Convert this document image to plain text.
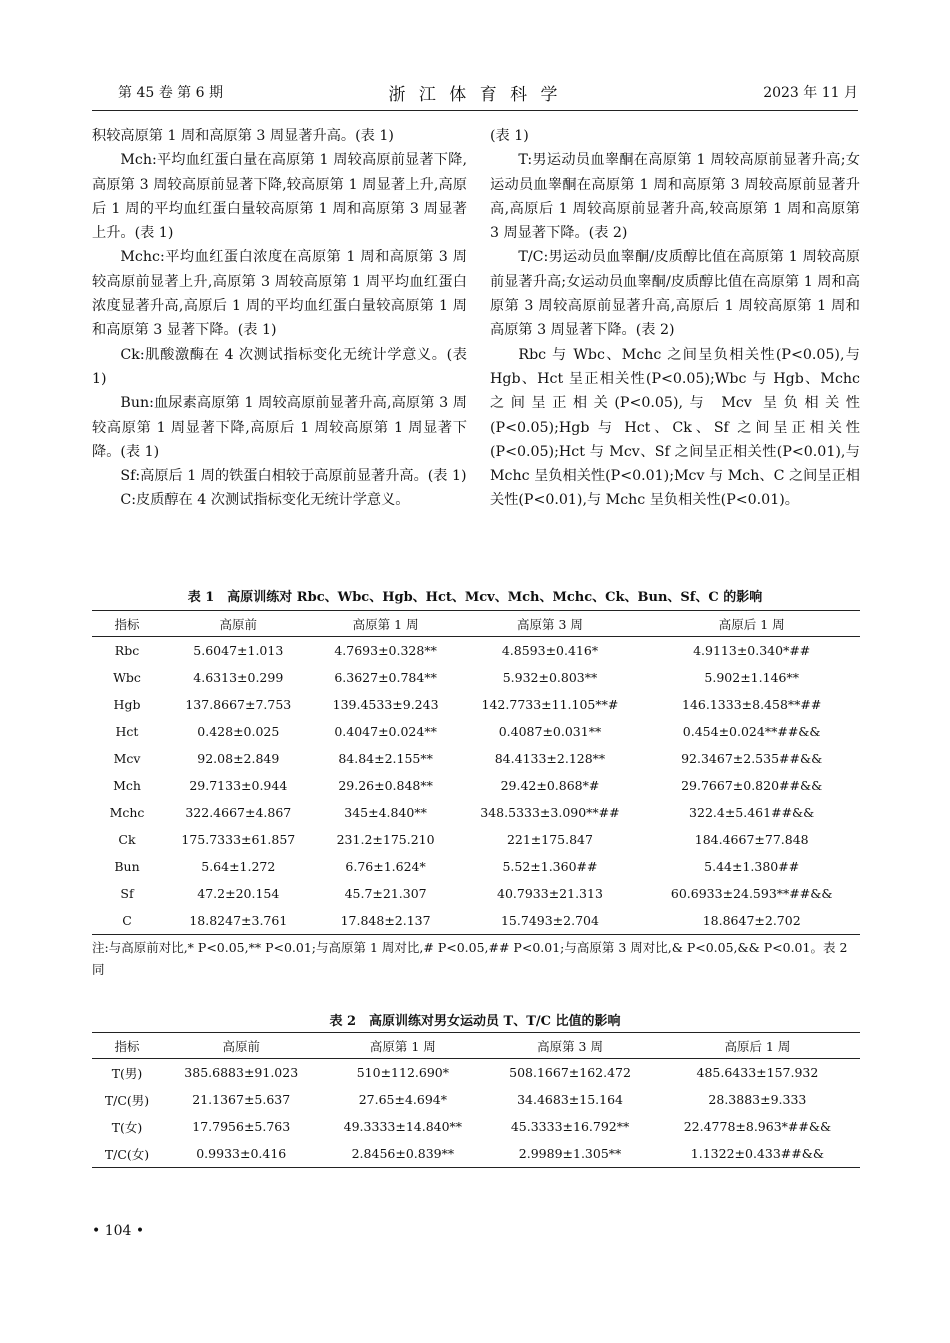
第 45 卷 第 6 期	浙 江 体 育 科 学	2023 年 11 月

积较高原第 1 周和高原第 3 周显著升高。(表 1)

Mch:平均血红蛋白量在高原第 1 周较高原前显著下降,高原第 3 周较高原前显著下降,较高原第 1 周显著上升,高原后 1 周的平均血红蛋白量较高原第 1 周和高原第 3 周显著上升。(表 1)

Mchc:平均血红蛋白浓度在高原第 1 周和高原第 3 周较高原前显著上升,高原第 3 周较高原第 1 周平均血红蛋白浓度显著升高,高原后 1 周的平均血红蛋白量较高原第 1 周和高原第 3 显著下降。(表 1)

Ck:肌酸激酶在 4 次测试指标变化无统计学意义。(表 1)

Bun:血尿素高原第 1 周较高原前显著升高,高原第 3 周较高原第 1 周显著下降,高原后 1 周较高原第 1 周显著下降。(表 1)

Sf:高原后 1 周的铁蛋白相较于高原前显著升高。(表 1)

C:皮质醇在 4 次测试指标变化无统计学意义。

(表 1)

T:男运动员血睾酮在高原第 1 周较高原前显著升高;女运动员血睾酮在高原第 1 周和高原第 3 周较高原前显著升高,高原后 1 周较高原前显著升高,较高原第 1 周和高原第 3 周显著下降。(表 2)

T/C:男运动员血睾酮/皮质醇比值在高原第 1 周较高原前显著升高;女运动员血睾酮/皮质醇比值在高原第 1 周和高原第 3 周较高原前显著升高,高原后 1 周较高原第 1 周和高原第 3 周显著下降。(表 2)

Rbc 与 Wbc、Mchc 之间呈负相关性(P<0.05),与 Hgb、Hct 呈正相关性(P<0.05);Wbc 与 Hgb、Mchc 之间呈正相关(P<0.05),与 Mcv 呈负相关性(P<0.05);Hgb 与 Hct、Ck、Sf 之间呈正相关性(P<0.05);Hct 与 Mcv、Sf 之间呈正相关性(P<0.01),与 Mchc 呈负相关性(P<0.01);Mcv 与 Mch、C 之间呈正相关性(P<0.01),与 Mchc 呈负相关性(P<0.01)。

表 1　高原训练对 Rbc、Wbc、Hgb、Hct、Mcv、Mch、Mchc、Ck、Bun、Sf、C 的影响
指标	高原前	高原第 1 周	高原第 3 周	高原后 1 周
Rbc	5.6047±1.013	4.7693±0.328**	4.8593±0.416*	4.9113±0.340*##
Wbc	4.6313±0.299	6.3627±0.784**	5.932±0.803**	5.902±1.146**
Hgb	137.8667±7.753	139.4533±9.243	142.7733±11.105**#	146.1333±8.458**##
Hct	0.428±0.025	0.4047±0.024**	0.4087±0.031**	0.454±0.024**##&&
Mcv	92.08±2.849	84.84±2.155**	84.4133±2.128**	92.3467±2.535##&&
Mch	29.7133±0.944	29.26±0.848**	29.42±0.868*#	29.7667±0.820##&&
Mchc	322.4667±4.867	345±4.840**	348.5333±3.090**##	322.4±5.461##&&
Ck	175.7333±61.857	231.2±175.210	221±175.847	184.4667±77.848
Bun	5.64±1.272	6.76±1.624*	5.52±1.360##	5.44±1.380##
Sf	47.2±20.154	45.7±21.307	40.7933±21.313	60.6933±24.593**##&&
C	18.8247±3.761	17.848±2.137	15.7493±2.704	18.8647±2.702
注:与高原前对比,* P<0.05,** P<0.01;与高原第 1 周对比,# P<0.05,## P<0.01;与高原第 3 周对比,& P<0.05,&& P<0.01。表 2 同
表 2　高原训练对男女运动员 T、T/C 比值的影响
指标	高原前	高原第 1 周	高原第 3 周	高原后 1 周
T(男)	385.6883±91.023	510±112.690*	508.1667±162.472	485.6433±157.932
T/C(男)	21.1367±5.637	27.65±4.694*	34.4683±15.164	28.3883±9.333
T(女)	17.7956±5.763	49.3333±14.840**	45.3333±16.792**	22.4778±8.963*##&&
T/C(女)	0.9933±0.416	2.8456±0.839**	2.9989±1.305**	1.1322±0.433##&&
• 104 •
